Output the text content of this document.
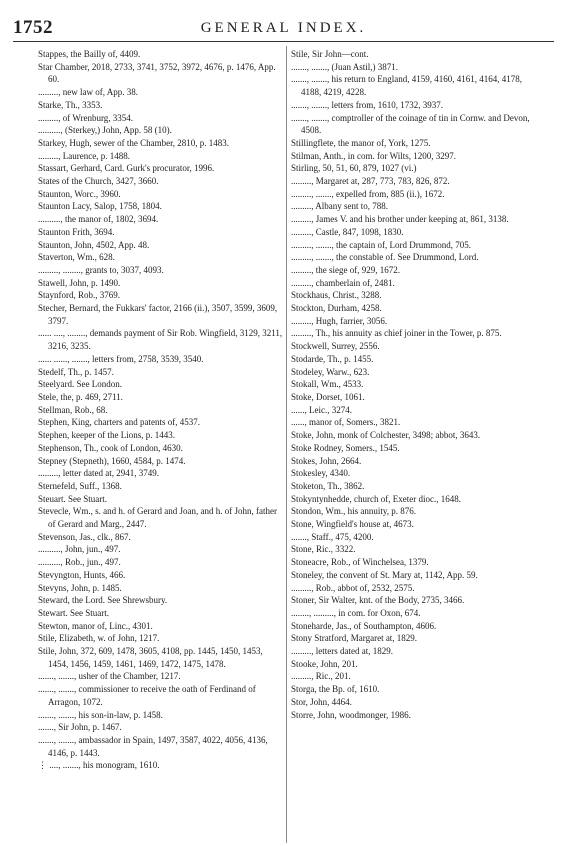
1752	GENERAL INDEX.

Stappes, the Bailly of, 4409.

Star Chamber, 2018, 2733, 3741, 3752, 3972, 4676, p. 1476, App. 60.

........., new law of, App. 38.

Starke, Th., 3353.

........., of Wrenburg, 3354.

.........., (Sterkey,) John, App. 58 (10).

Starkey, Hugh, sewer of the Chamber, 2810, p. 1483.

........., Laurence, p. 1488.

Stassart, Gerhard, Card. Gurk's procurator, 1996.

States of the Church, 3427, 3660.

Staunton, Worc., 3960.

Staunton Lacy, Salop, 1758, 1804.

.........., the manor of, 1802, 3694.

Staunton Frith, 3694.

Staunton, John, 4502, App. 48.

Staverton, Wm., 628.

........., ........, grants to, 3037, 4093.

Stawell, John, p. 1490.

Staynford, Rob., 3769.

Stecher, Bernard, the Fukkars' factor, 2166 (ii.), 3507, 3599, 3609, 3797.

...... ...., ........, demands payment of Sir Rob. Wingfield, 3129, 3211, 3216, 3235.

...... ......, ......., letters from, 2758, 3539, 3540.

Stedelf, Th., p. 1457.

Steelyard. See London.

Stele, the, p. 469, 2711.

Stellman, Rob., 68.

Stephen, King, charters and patents of, 4537.

Stephen, keeper of the Lions, p. 1443.

Stephenson, Th., cook of London, 4630.

Stepney (Stepneth), 1660, 4584, p. 1474.

........., letter dated at, 2941, 3749.

Sternefeld, Suff., 1368.

Steuart. See Stuart.

Stevecle, Wm., s. and h. of Gerard and Joan, and h. of John, father of Gerard and Marg., 2447.

Stevenson, Jas., clk., 867.

.........., John, jun., 497.

.........., Rob., jun., 497.

Stevyngton, Hunts, 466.

Stevyns, John, p. 1485.

Steward, the Lord. See Shrewsbury.

Stewart. See Stuart.

Stewton, manor of, Linc., 4301.

Stile, Elizabeth, w. of John, 1217.

Stile, John, 372, 609, 1478, 3605, 4108, pp. 1445, 1450, 1453, 1454, 1456, 1459, 1461, 1469, 1472, 1475, 1478.

......., ......., usher of the Chamber, 1217.

......., ......., commissioner to receive the oath of Ferdinand of Arragon, 1072.

......., ......., his son-in-law, p. 1458.

......., Sir John, p. 1467.

......., ......., ambassador in Spain, 1497, 3587, 4022, 4056, 4136, 4146, p. 1443.

⋮ ...., ......., his monogram, 1610.

Stile, Sir John—cont.

......., ......., (Juan Astil,) 3871.

......., ......., his return to England, 4159, 4160, 4161, 4164, 4178, 4188, 4219, 4228.

......., ......., letters from, 1610, 1732, 3937.

......., ......., comptroller of the coinage of tin in Cornw. and Devon, 4508.

Stillingflete, the manor of, York, 1275.

Stilman, Anth., in com. for Wilts, 1200, 3297.

Stirling, 50, 51, 60, 879, 1027 (vi.)

........., Margaret at, 287, 773, 783, 826, 872.

........., ......., expelled from, 885 (ii.), 1672.

........., Albany sent to, 788.

........., James V. and his brother under keeping at, 861, 3138.

........., Castle, 847, 1098, 1830.

........., ......., the captain of, Lord Drummond, 705.

........., ......., the constable of. See Drummond, Lord.

........., the siege of, 929, 1672.

........., chamberlain of, 2481.

Stockhaus, Christ., 3288.

Stockton, Durham, 4258.

........., Hugh, farrier, 3056.

........., Th., his annuity as chief joiner in the Tower, p. 875.

Stockwell, Surrey, 2556.

Stodarde, Th., p. 1455.

Stodeley, Warw., 623.

Stokall, Wm., 4533.

Stoke, Dorset, 1061.

......, Leic., 3274.

......, manor of, Somers., 3821.

Stoke, John, monk of Colchester, 3498; abbot, 3643.

Stoke Rodney, Somers., 1545.

Stokes, John, 2664.

Stokesley, 4340.

Stoketon, Th., 3862.

Stokyntynhedde, church of, Exeter dioc., 1648.

Stondon, Wm., his annuity, p. 876.

Stone, Wingfield's house at, 4673.

......., Staff., 475, 4200.

Stone, Ric., 3322.

Stoneacre, Rob., of Winchelsea, 1379.

Stoneley, the convent of St. Mary at, 1142, App. 59.

........., Rob., abbot of, 2532, 2575.

Stoner, Sir Walter, knt. of the Body, 2735, 3466.

........, ........., in com. for Oxon, 674.

Stonehardе, Jas., of Southampton, 4606.

Stony Stratford, Margaret at, 1829.

........., letters dated at, 1829.

Stooke, John, 201.

........., Ric., 201.

Storga, the Bp. of, 1610.

Stor, John, 4464.

Storre, John, woodmonger, 1986.
